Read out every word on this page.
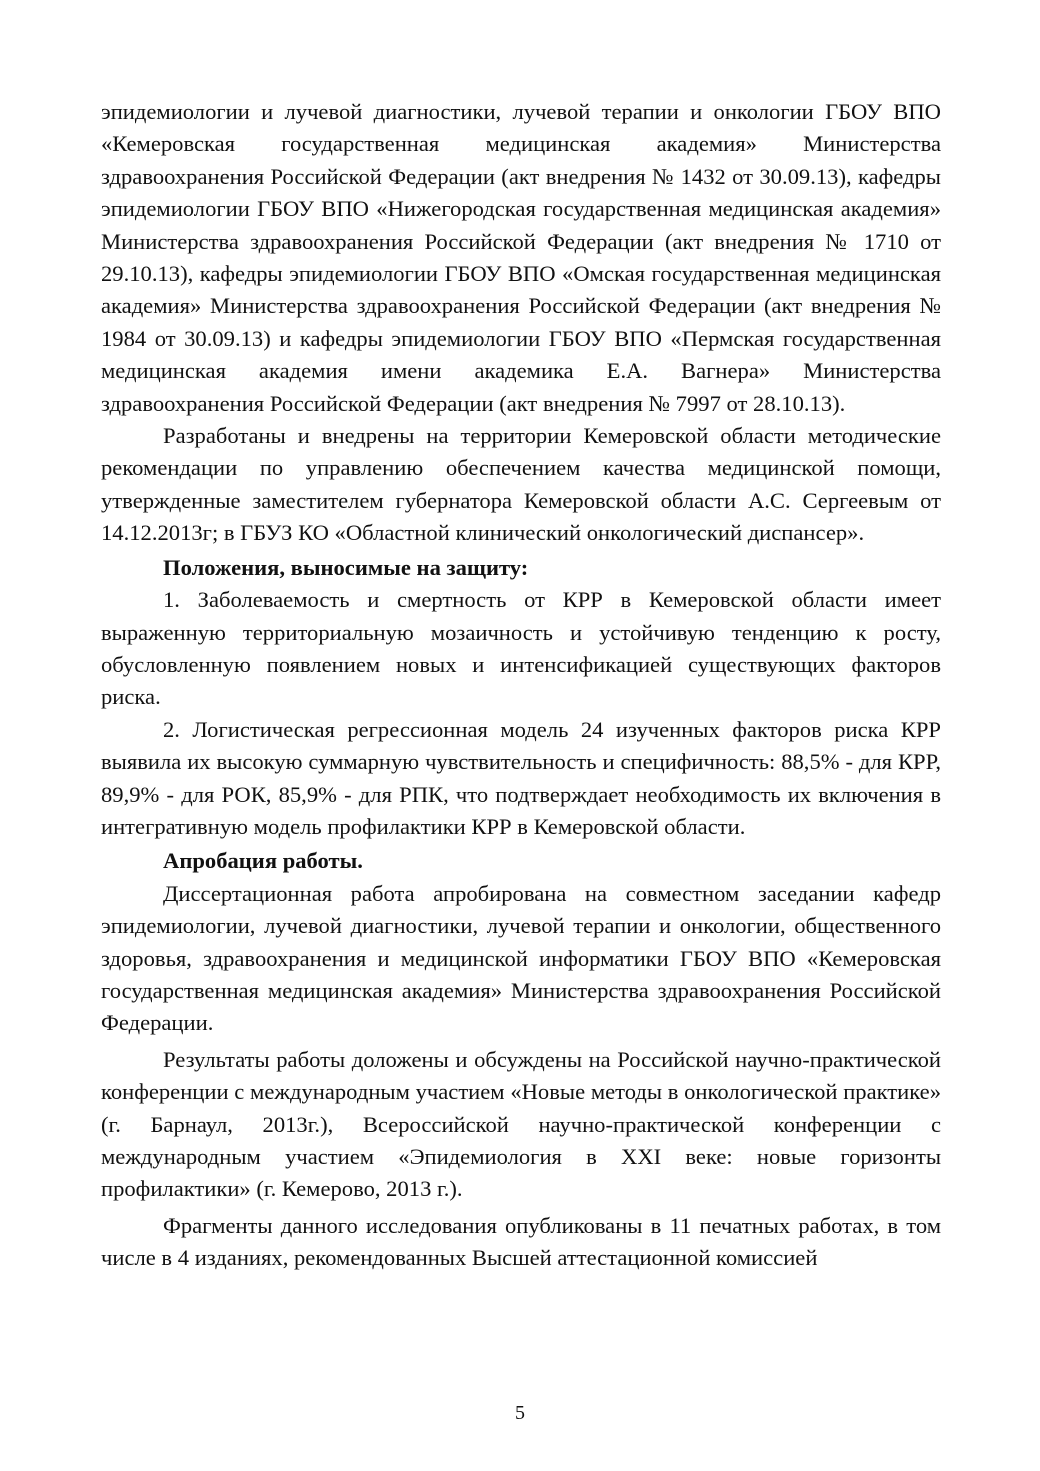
эпидемиологии и лучевой диагностики, лучевой терапии и онкологии ГБОУ ВПО «Кемеровская государственная медицинская академия» Министерства здравоохранения Российской Федерации (акт внедрения № 1432 от 30.09.13), кафедры эпидемиологии ГБОУ ВПО «Нижегородская государственная медицинская академия» Министерства здравоохранения Российской Федерации (акт внедрения № 1710 от 29.10.13), кафедры эпидемиологии ГБОУ ВПО «Омская государственная медицинская академия» Министерства здравоохранения Российской Федерации (акт внедрения № 1984 от 30.09.13) и кафедры эпидемиологии ГБОУ ВПО «Пермская государственная медицинская академия имени академика Е.А. Вагнера» Министерства здравоохранения Российской Федерации (акт внедрения № 7997 от 28.10.13).

Разработаны и внедрены на территории Кемеровской области методические рекомендации по управлению обеспечением качества медицинской помощи, утвержденные заместителем губернатора Кемеровской области А.С. Сергеевым от 14.12.2013г; в ГБУЗ КО «Областной клинический онкологический диспансер».

Положения, выносимые на защиту:

1. Заболеваемость и смертность от КРР в Кемеровской области имеет выраженную территориальную мозаичность и устойчивую тенденцию к росту, обусловленную появлением новых и интенсификацией существующих факторов риска.

2. Логистическая регрессионная модель 24 изученных факторов риска КРР выявила их высокую суммарную чувствительность и специфичность: 88,5% - для КРР, 89,9% - для РОК, 85,9% - для РПК, что подтверждает необходимость их включения в интегративную модель профилактики КРР в Кемеровской области.

Апробация работы.

Диссертационная работа апробирована на совместном заседании кафедр эпидемиологии, лучевой диагностики, лучевой терапии и онкологии, общественного здоровья, здравоохранения и медицинской информатики ГБОУ ВПО «Кемеровская государственная медицинская академия» Министерства здравоохранения Российской Федерации.

Результаты работы доложены и обсуждены на Российской научно-практической конференции с международным участием «Новые методы в онкологической практике» (г. Барнаул, 2013г.), Всероссийской научно-практической конференции с международным участием «Эпидемиология в XXI веке: новые горизонты профилактики» (г. Кемерово, 2013 г.).

Фрагменты данного исследования опубликованы в 11 печатных работах, в том числе в 4 изданиях, рекомендованных Высшей аттестационной комиссией

5
